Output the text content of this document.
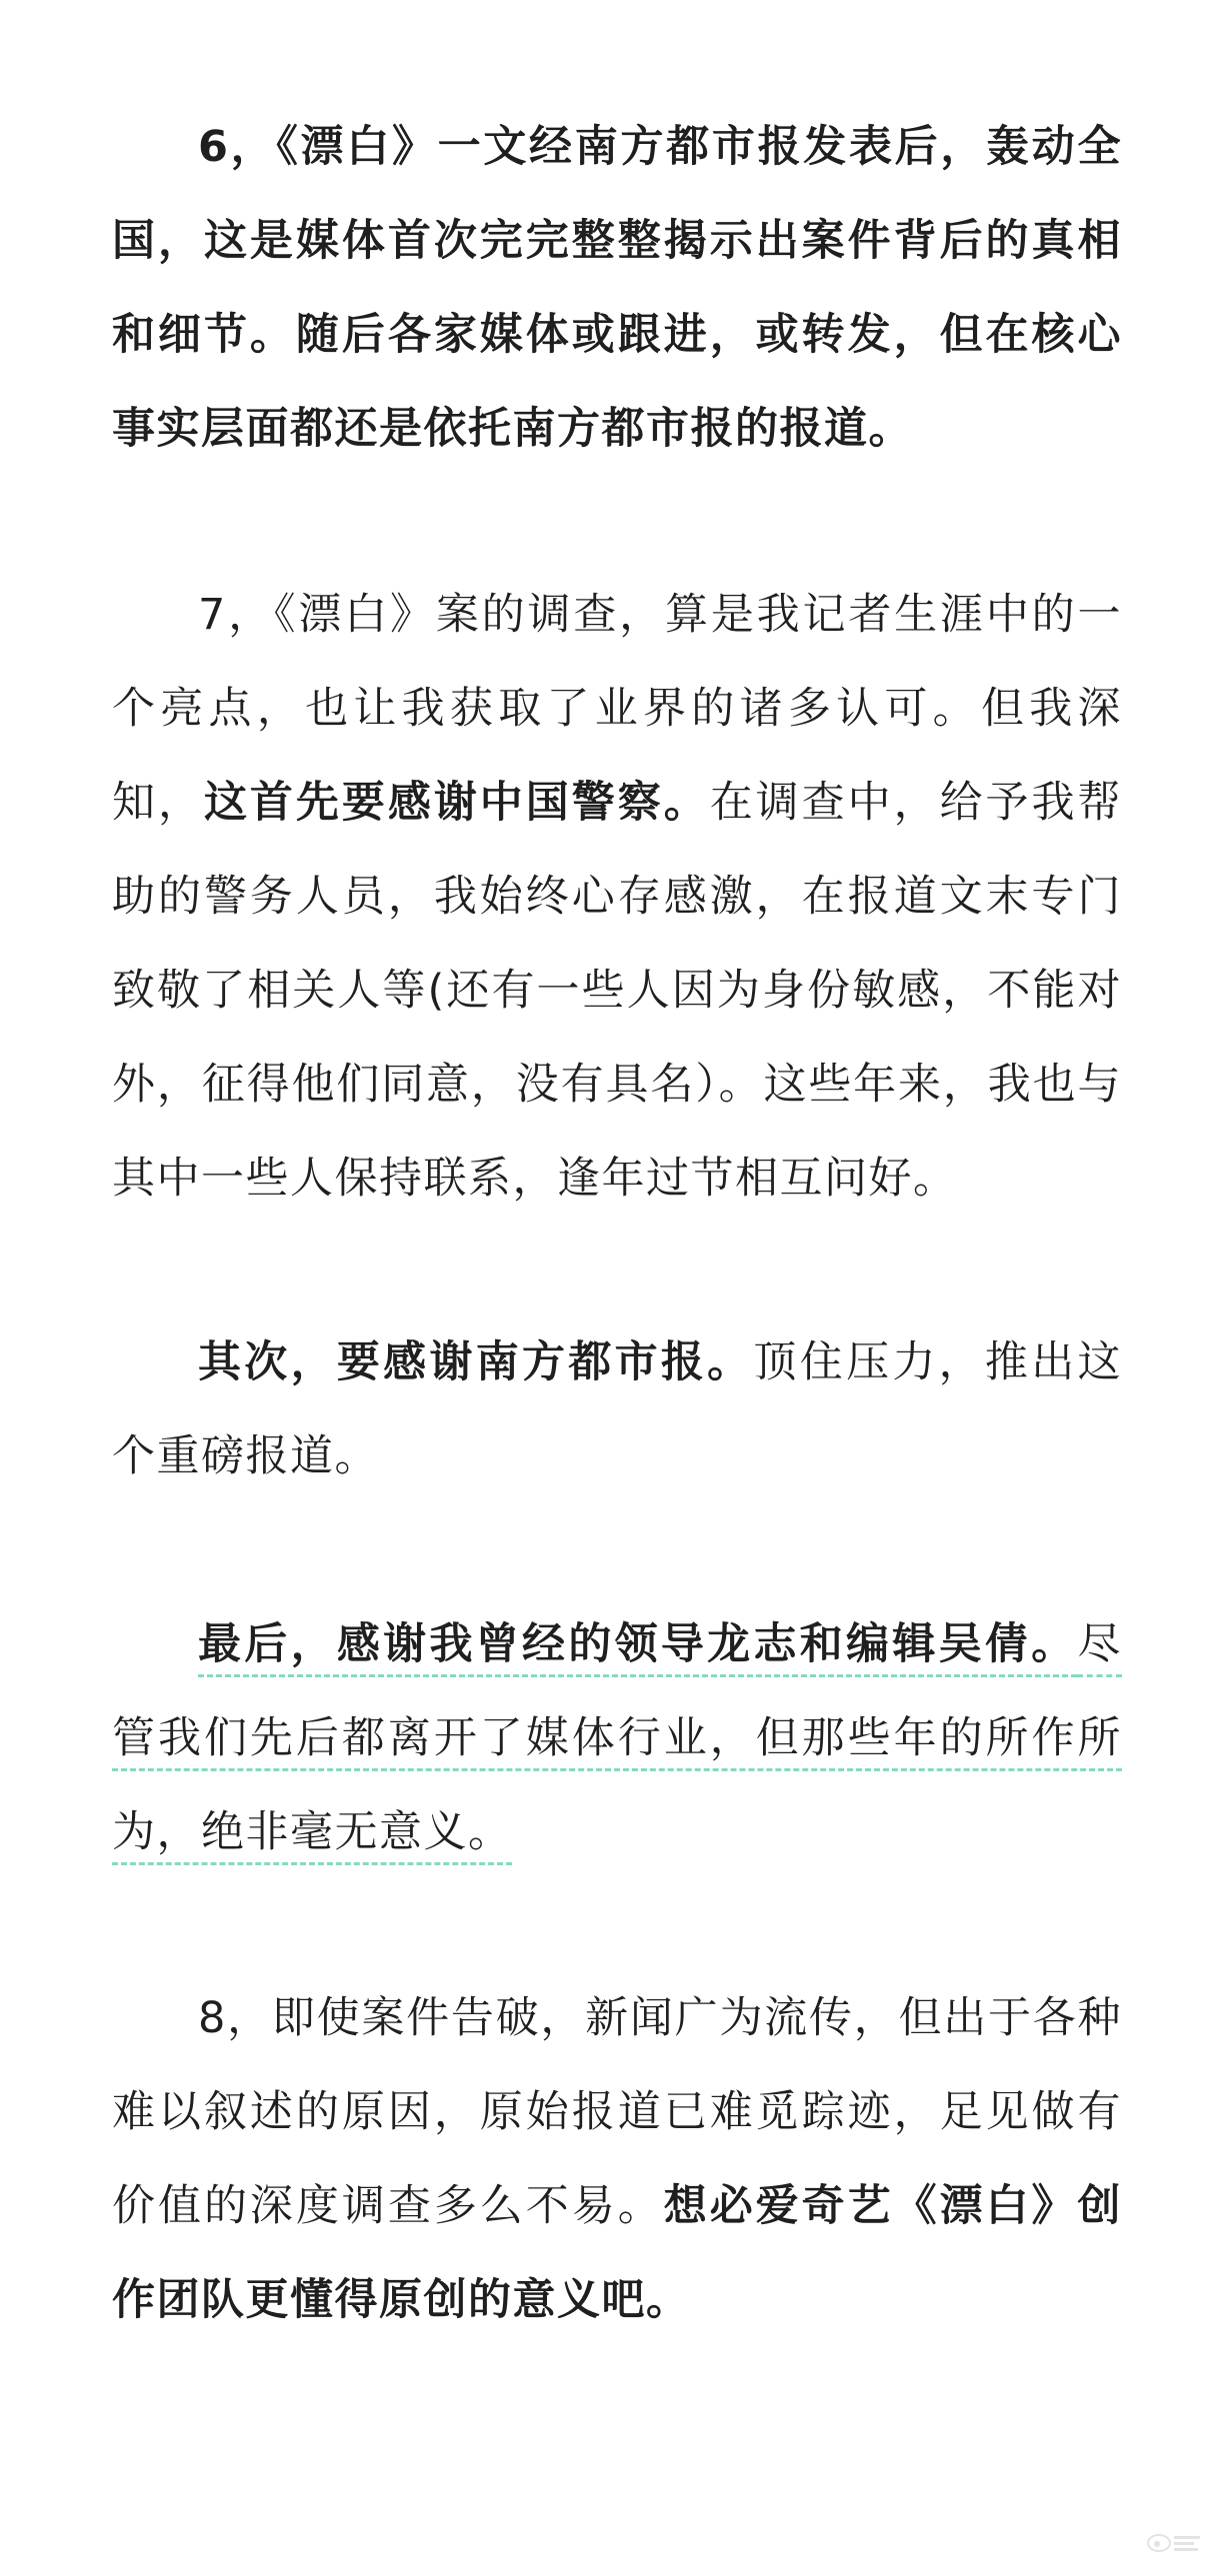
6，《漂白》一文经南方都市报发表后，轰动全国，这是媒体首次完完整整揭示出案件背后的真相和细节。随后各家媒体或跟进，或转发，但在核心事实层面都还是依托南方都市报的报道。

7，《漂白》案的调查，算是我记者生涯中的一个亮点，也让我获取了业界的诸多认可。但我深知，这首先要感谢中国警察。在调查中，给予我帮助的警务人员，我始终心存感激，在报道文末专门致敬了相关人等(还有一些人因为身份敏感，不能对外，征得他们同意，没有具名）。这些年来，我也与其中一些人保持联系，逢年过节相互问好。

其次，要感谢南方都市报。顶住压力，推出这个重磅报道。

最后，感谢我曾经的领导龙志和编辑吴倩。尽管我们先后都离开了媒体行业，但那些年的所作所为，绝非毫无意义。

8，即使案件告破，新闻广为流传，但出于各种难以叙述的原因，原始报道已难觅踪迹，足见做有价值的深度调查多么不易。想必爱奇艺《漂白》创作团队更懂得原创的意义吧。
